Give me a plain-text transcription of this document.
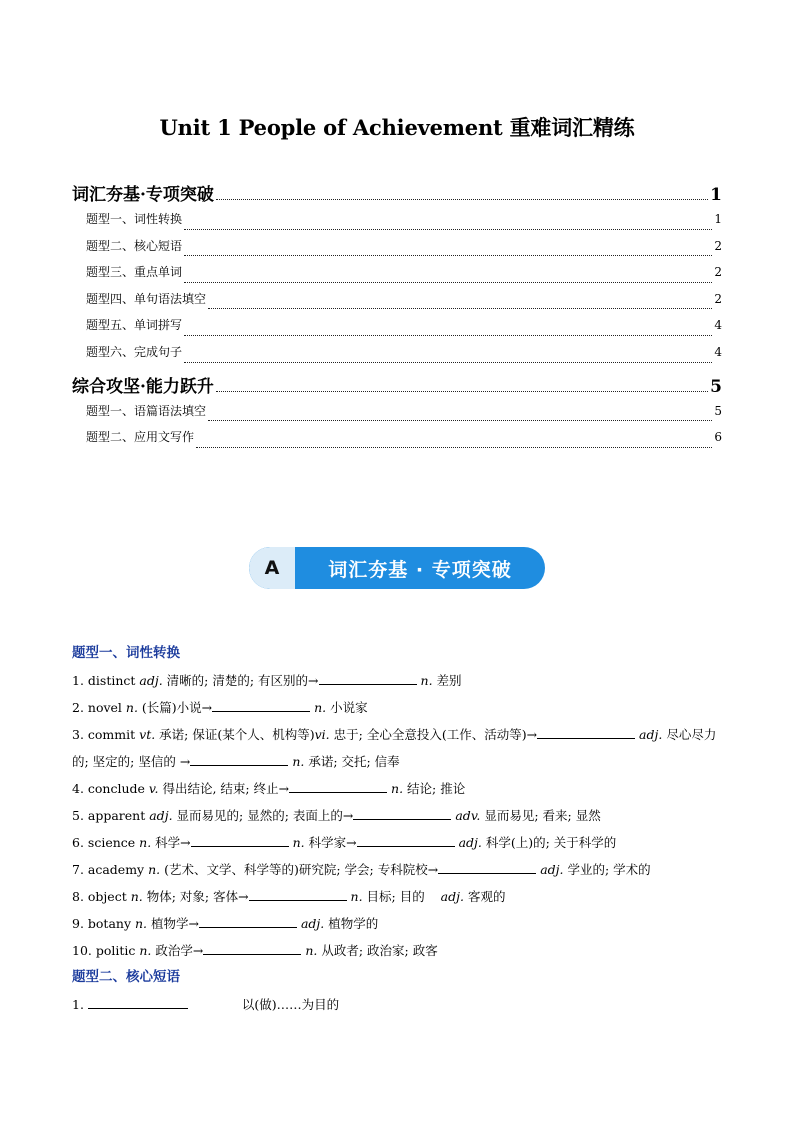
Unit 1 People of Achievement 重难词汇精练
词汇夯基·专项突破	1
题型一、词性转换	1
题型二、核心短语	2
题型三、重点单词	2
题型四、单句语法填空	2
题型五、单词拼写	4
题型六、完成句子	4
综合攻坚·能力跃升	5
题型一、语篇语法填空	5
题型二、应用文写作	6
A	词汇夯基 · 专项突破
题型一、词性转换
1. distinct adj. 清晰的; 清楚的; 有区别的→	n. 差别
2. novel n. (长篇)小说→	n. 小说家
3. commit vt. 承诺; 保证(某个人、机构等)vi. 忠于; 全心全意投入(工作、活动等)→	adj. 尽心尽力的; 坚定的; 坚信的 →	n. 承诺; 交托; 信奉
4. conclude v. 得出结论, 结束; 终止→	n. 结论; 推论
5. apparent adj. 显而易见的; 显然的; 表面上的→	adv. 显而易见; 看来; 显然
6. science n. 科学→	n. 科学家→	adj. 科学(上)的; 关于科学的
7. academy n. (艺术、文学、科学等的)研究院; 学会; 专科院校→	adj. 学业的; 学术的
8. object n. 物体; 对象; 客体→	n. 目标; 目的 adj. 客观的
9. botany n. 植物学→	adj. 植物学的
10. politic n. 政治学→	n. 从政者; 政治家; 政客
题型二、核心短语
1.	以(做)……为目的
